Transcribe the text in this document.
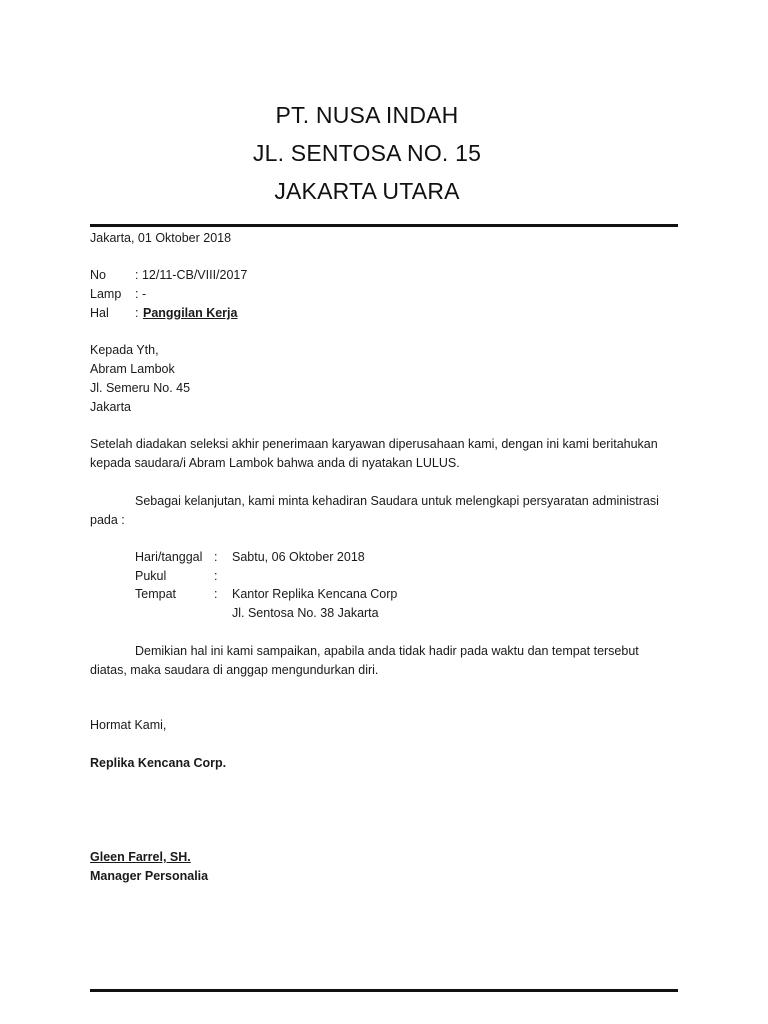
PT. NUSA INDAH
JL. SENTOSA NO. 15
JAKARTA UTARA
Jakarta, 01 Oktober 2018
No : 12/11-CB/VIII/2017
Lamp : -
Hal : Panggilan Kerja
Kepada Yth,
Abram Lambok
Jl. Semeru No. 45
Jakarta
Setelah diadakan seleksi akhir penerimaan karyawan diperusahaan kami, dengan ini kami beritahukan
kepada saudara/i Abram Lambok bahwa anda di nyatakan LULUS.
Sebagai kelanjutan, kami minta kehadiran Saudara untuk melengkapi persyaratan administrasi
pada :
Hari/tanggal : Sabtu, 06 Oktober 2018
Pukul	:
Tempat	: Kantor Replika Kencana Corp
Jl. Sentosa No. 38 Jakarta
Demikian hal ini kami sampaikan, apabila anda tidak hadir pada waktu dan tempat tersebut
diatas, maka saudara di anggap mengundurkan diri.
Hormat Kami,
Replika Kencana Corp.
Gleen Farrel, SH.
Manager Personalia
